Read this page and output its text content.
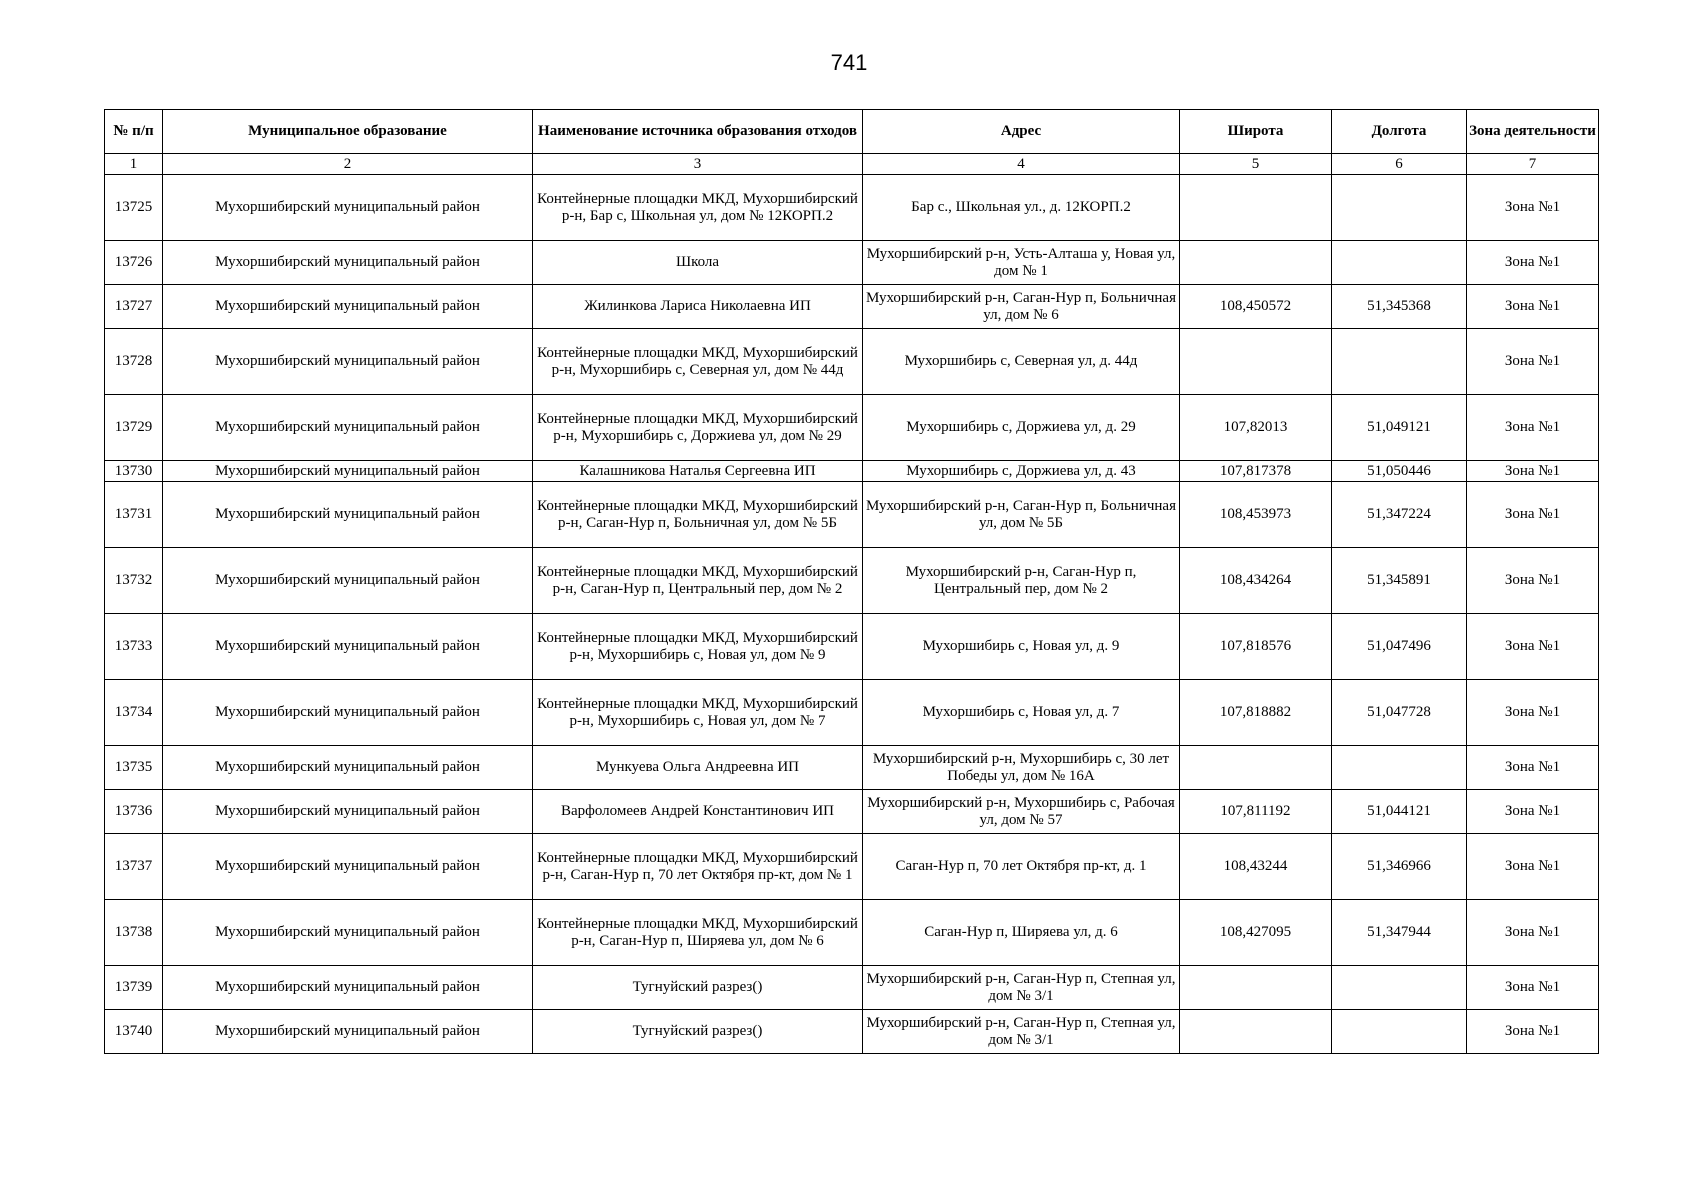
741
№ п/п	Муниципальное образование	Наименование источника образования отходов	Адрес	Широта	Долгота	Зона деятельности
1	2	3	4	5	6	7
13725	Мухоршибирский муниципальный район	Контейнерные площадки МКД, Мухоршибирский р-н, Бар с, Школьная ул, дом № 12КОРП.2	Бар с., Школьная ул., д. 12КОРП.2			Зона №1
13726	Мухоршибирский муниципальный район	Школа	Мухоршибирский р-н, Усть-Алташа у, Новая ул, дом № 1			Зона №1
13727	Мухоршибирский муниципальный район	Жилинкова Лариса Николаевна ИП	Мухоршибирский р-н, Саган-Нур п, Больничная ул, дом № 6	108,450572	51,345368	Зона №1
13728	Мухоршибирский муниципальный район	Контейнерные площадки МКД, Мухоршибирский р-н, Мухоршибирь с, Северная ул, дом № 44д	Мухоршибирь с, Северная ул, д. 44д			Зона №1
13729	Мухоршибирский муниципальный район	Контейнерные площадки МКД, Мухоршибирский р-н, Мухоршибирь с, Доржиева ул, дом № 29	Мухоршибирь с, Доржиева ул, д. 29	107,82013	51,049121	Зона №1
13730	Мухоршибирский муниципальный район	Калашникова Наталья Сергеевна ИП	Мухоршибирь с, Доржиева ул, д. 43	107,817378	51,050446	Зона №1
13731	Мухоршибирский муниципальный район	Контейнерные площадки МКД, Мухоршибирский р-н, Саган-Нур п, Больничная ул, дом № 5Б	Мухоршибирский р-н, Саган-Нур п, Больничная ул, дом № 5Б	108,453973	51,347224	Зона №1
13732	Мухоршибирский муниципальный район	Контейнерные площадки МКД, Мухоршибирский р-н, Саган-Нур п, Центральный пер, дом № 2	Мухоршибирский р-н, Саган-Нур п, Центральный пер, дом № 2	108,434264	51,345891	Зона №1
13733	Мухоршибирский муниципальный район	Контейнерные площадки МКД, Мухоршибирский р-н, Мухоршибирь с, Новая ул, дом № 9	Мухоршибирь с, Новая ул, д. 9	107,818576	51,047496	Зона №1
13734	Мухоршибирский муниципальный район	Контейнерные площадки МКД, Мухоршибирский р-н, Мухоршибирь с, Новая ул, дом № 7	Мухоршибирь с, Новая ул, д. 7	107,818882	51,047728	Зона №1
13735	Мухоршибирский муниципальный район	Мункуева Ольга Андреевна ИП	Мухоршибирский р-н, Мухоршибирь с, 30 лет Победы ул, дом № 16А			Зона №1
13736	Мухоршибирский муниципальный район	Варфоломеев Андрей Константинович ИП	Мухоршибирский р-н, Мухоршибирь с, Рабочая ул, дом № 57	107,811192	51,044121	Зона №1
13737	Мухоршибирский муниципальный район	Контейнерные площадки МКД, Мухоршибирский р-н, Саган-Нур п, 70 лет Октября пр-кт, дом № 1	Саган-Нур п, 70 лет Октября пр-кт, д. 1	108,43244	51,346966	Зона №1
13738	Мухоршибирский муниципальный район	Контейнерные площадки МКД, Мухоршибирский р-н, Саган-Нур п, Ширяева ул, дом № 6	Саган-Нур п, Ширяева ул, д. 6	108,427095	51,347944	Зона №1
13739	Мухоршибирский муниципальный район	Тугнуйский разрез()	Мухоршибирский р-н, Саган-Нур п, Степная ул, дом № 3/1			Зона №1
13740	Мухоршибирский муниципальный район	Тугнуйский разрез()	Мухоршибирский р-н, Саган-Нур п, Степная ул, дом № 3/1			Зона №1
